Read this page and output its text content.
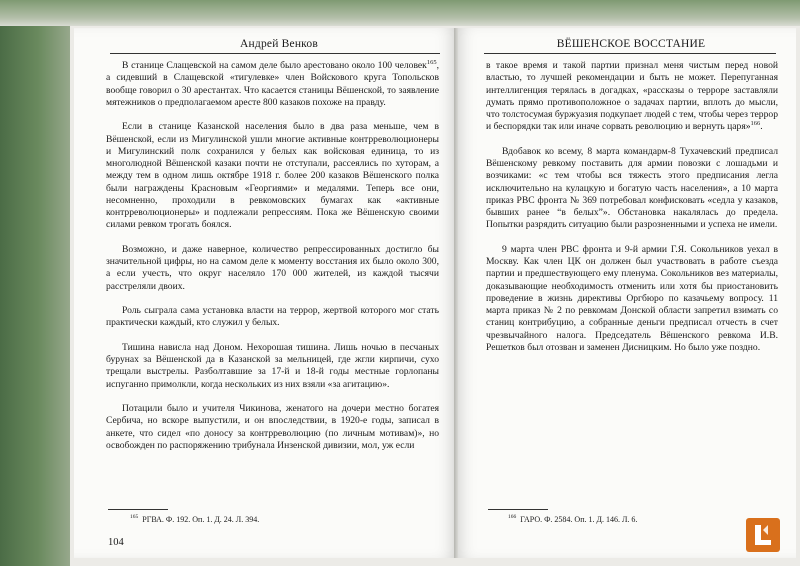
Андрей Венков

В станице Слащевской на самом деле было арестовано около 100 человек$^{165}$, а сидевший в Слащевской «тигулевке» член Войскового круга Топольсков вообще говорил о 30 арестантах. Что касается станицы Вёшенской, то заявление мятежников о предполагаемом аресте 800 казаков похоже на правду.

Если в станице Казанской населения было в два раза меньше, чем в Вёшенской, если из Мигулинской ушли многие активные контрреволюционеры и Мигулинский полк сохранился у белых как войсковая единица, то из многолюдной Вёшенской казаки почти не отступали, рассеялись по хуторам, а между тем в одном лишь октябре 1918 г. более 200 казаков Вёшенского полка были награждены Красновым «Георгиями» и медалями. Теперь все они, несомненно, проходили в ревкомовских бумагах как «активные контрреволюционеры» и подлежали репрессиям. Пока же Вёшенскую своими силами ревком трогать боялся.

Возможно, и даже наверное, количество репрессированных достигло бы значительной цифры, но на самом деле к моменту восстания их было около 300, а если учесть, что округ населяло 170 000 жителей, из каждой тысячи расстреляли двоих.

Роль сыграла сама установка власти на террор, жертвой которого мог стать практически каждый, кто служил у белых.

Тишина нависла над Доном. Нехорошая тишина. Лишь ночью в песчаных бурунах за Вёшенской да в Казанской за мельницей, где жгли кирпичи, сухо трещали выстрелы. Разболтавшие за 17-й и 18-й годы местные горлопаны испуганно примолкли, когда нескольких из них взяли «за агитацию».

Потацили было и учителя Чикинова, женатого на дочери местно богатея Сербича, но вскоре выпустили, и он впоследствии, в 1920-е годы, записал в анкете, что сидел «по доносу за контрреволюцию (по личным мотивам)», но освобожден по распоряжению трибунала Инзенской дивизии, мол, уж если

$^{165}$ РГВА. Ф. 192. Оп. 1. Д. 24. Л. 394.
104
ВЁШЕНСКОЕ ВОССТАНИЕ

в такое время и такой партии признал меня чистым перед новой властью, то лучшей рекомендации и быть не может. Перепуганная интеллигенция терялась в догадках, «рассказы о терроре заставляли думать прямо противоположное о задачах партии, вплоть до мысли, что толстосумая буржуазия подкупает людей с тем, чтобы через террор и беспорядки так или иначе сорвать революцию и вернуть царя»$^{166}$.

Вдобавок ко всему, 8 марта командарм-8 Тухачевский предписал Вёшенскому ревкому поставить для армии повозки с лошадьми и возчиками: «с тем чтобы вся тяжесть этого предписания легла исключительно на кулацкую и богатую часть населения», а 10 марта приказ РВС фронта № 369 потребовал конфисковать «седла у казаков, бывших ранее “в белых”». Обстановка накалялась до предела. Попытки разрядить ситуацию были разрозненными и успеха не имели.

9 марта член РВС фронта и 9-й армии Г.Я. Сокольников уехал в Москву. Как член ЦК он должен был участвовать в работе съезда партии и предшествующего ему пленума. Сокольников вез материалы, доказывающие необходимость отменить или хотя бы приостановить проведение в жизнь директивы Оргбюро по казачьему вопросу. 11 марта приказ № 2 по ревкомам Донской области запретил взимать со станиц контрибуцию, а собранные деньги предписал отчесть в счет чрезвычайного налога. Председатель Вёшенского ревкома И.В. Решетков был отозван и заменен Дисницким. Но было уже поздно.

$^{166}$ ГАРО. Ф. 2584. Оп. 1. Д. 146. Л. 6.
